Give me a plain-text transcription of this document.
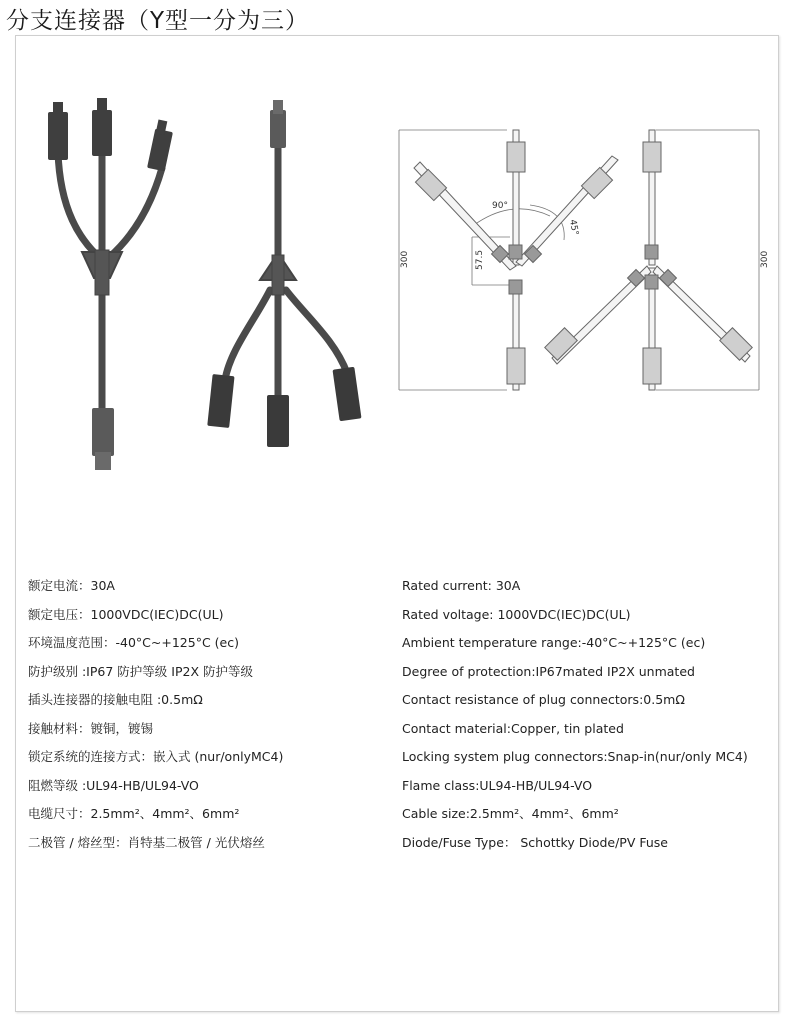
分支连接器（Y型一分为三）
300	300
57.5
90°
45°
额定电流：30A
额定电压：1000VDC(IEC)DC(UL)
环境温度范围：-40°C~+125°C (ec)
防护级别 :IP67 防护等级 IP2X 防护等级
插头连接器的接触电阻 :0.5mΩ
接触材料：镀铜，镀锡
锁定系统的连接方式：嵌入式 (nur/onlyMC4)
阻燃等级 :UL94-HB/UL94-VO
电缆尺寸：2.5mm²、4mm²、6mm²
二极管 / 熔丝型：肖特基二极管 / 光伏熔丝
Rated current: 30A
Rated voltage: 1000VDC(IEC)DC(UL)
Ambient temperature range:-40°C~+125°C (ec)
Degree of protection:IP67mated IP2X unmated
Contact resistance of plug connectors:0.5mΩ
Contact material:Copper, tin plated
Locking system plug connectors:Snap-in(nur/only MC4)
Flame class:UL94-HB/UL94-VO
Cable size:2.5mm²、4mm²、6mm²
Diode/Fuse Type： Schottky Diode/PV Fuse
